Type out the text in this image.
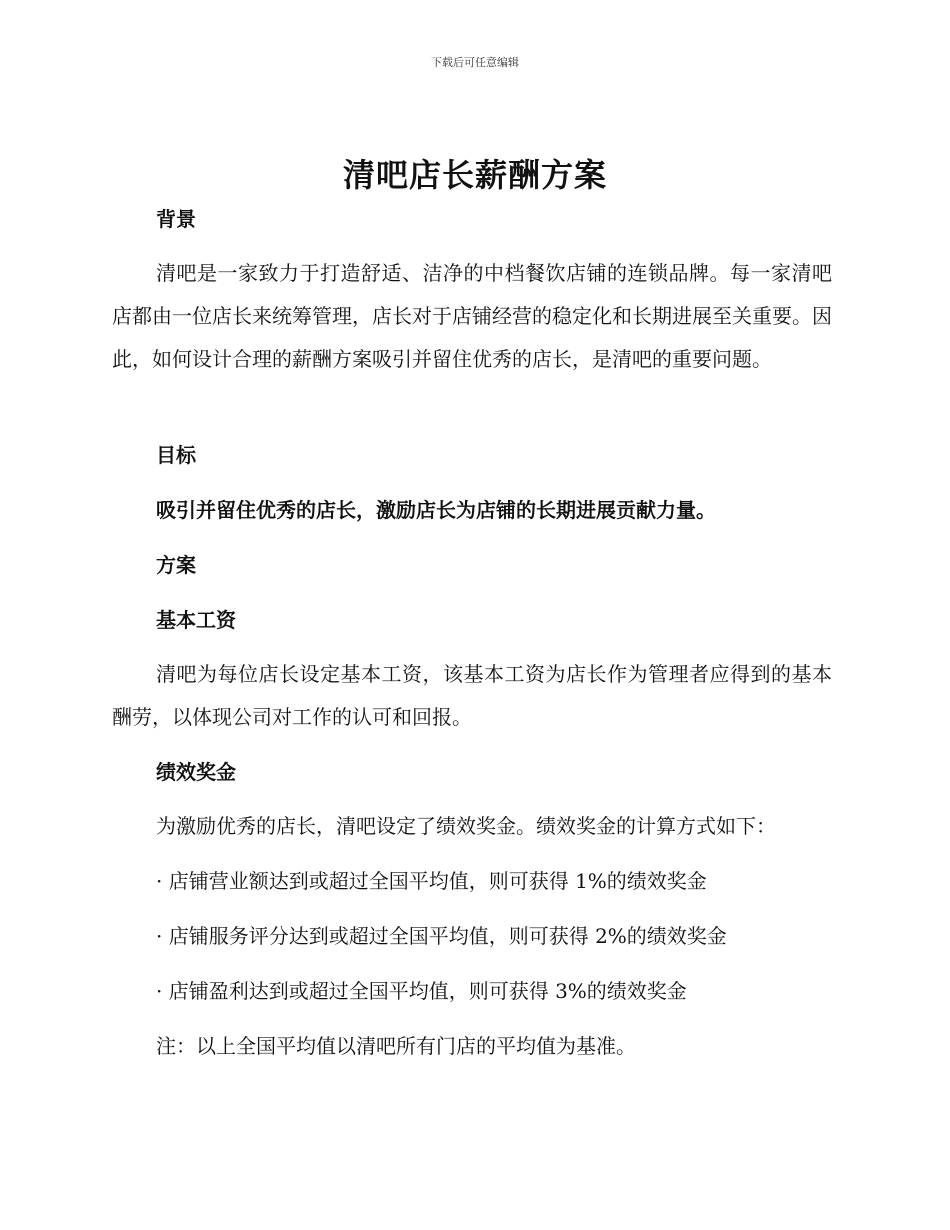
下载后可任意编辑
清吧店长薪酬方案
背景
清吧是一家致力于打造舒适、洁净的中档餐饮店铺的连锁品牌。每一家清吧店都由一位店长来统筹管理，店长对于店铺经营的稳定化和长期进展至关重要。因此，如何设计合理的薪酬方案吸引并留住优秀的店长，是清吧的重要问题。
目标
吸引并留住优秀的店长，激励店长为店铺的长期进展贡献力量。
方案
基本工资
清吧为每位店长设定基本工资，该基本工资为店长作为管理者应得到的基本酬劳，以体现公司对工作的认可和回报。
绩效奖金
为激励优秀的店长，清吧设定了绩效奖金。绩效奖金的计算方式如下：
· 店铺营业额达到或超过全国平均值，则可获得 1%的绩效奖金
· 店铺服务评分达到或超过全国平均值，则可获得 2%的绩效奖金
· 店铺盈利达到或超过全国平均值，则可获得 3%的绩效奖金
注：以上全国平均值以清吧所有门店的平均值为基准。
